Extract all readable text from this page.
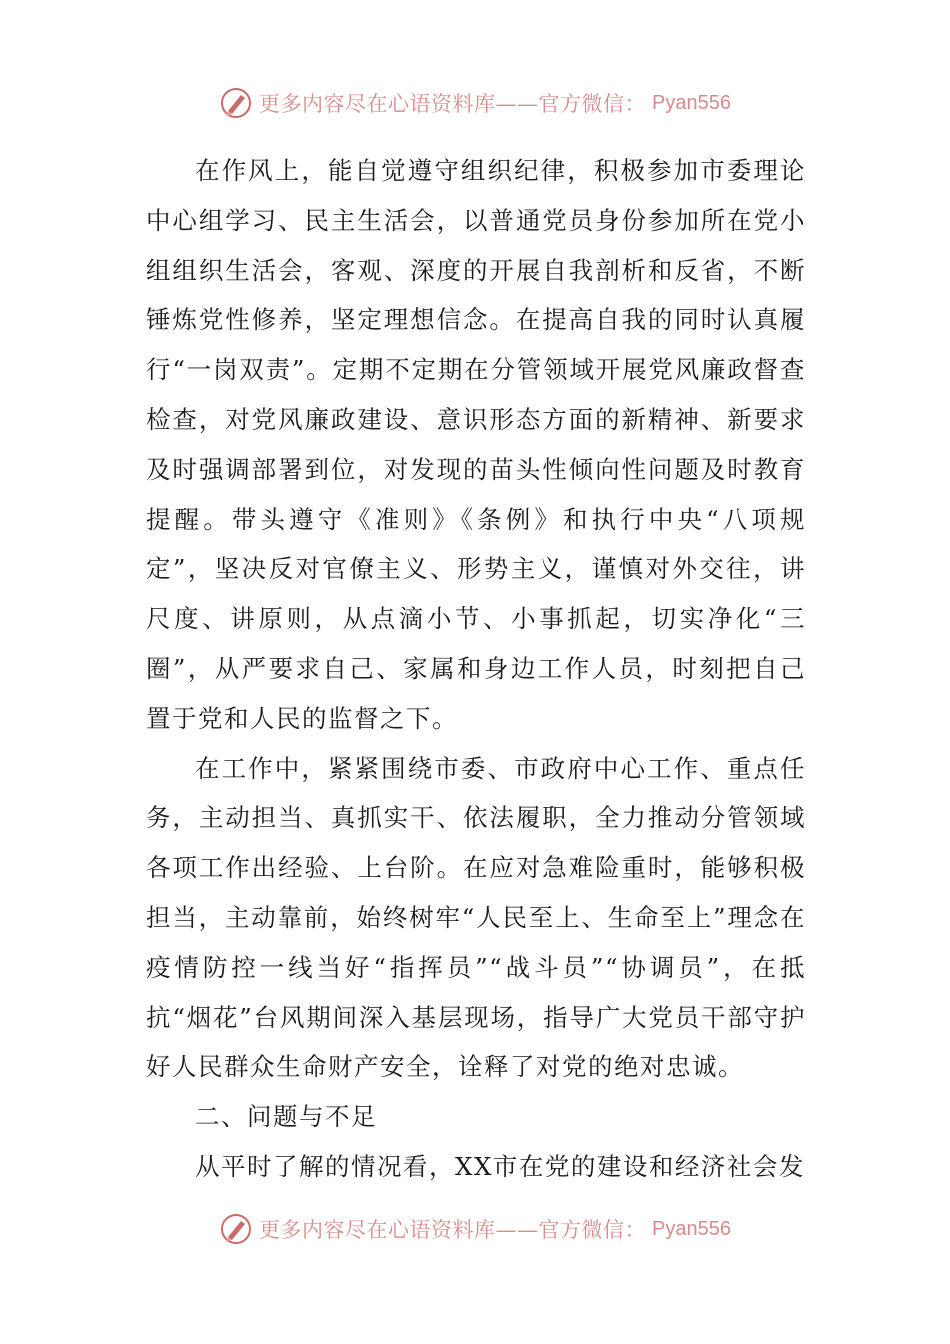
更多内容尽在心语资料库——官方微信： Pyan556

在作风上，能自觉遵守组织纪律，积极参加市委理论中心组学习、民主生活会，以普通党员身份参加所在党小组组织生活会，客观、深度的开展自我剖析和反省，不断锤炼党性修养，坚定理想信念。在提高自我的同时认真履行“一岗双责”。定期不定期在分管领域开展党风廉政督查检查，对党风廉政建设、意识形态方面的新精神、新要求及时强调部署到位，对发现的苗头性倾向性问题及时教育提醒。带头遵守《准则》《条例》和执行中央“八项规定”，坚决反对官僚主义、形势主义，谨慎对外交往，讲尺度、讲原则，从点滴小节、小事抓起，切实净化“三圈”，从严要求自己、家属和身边工作人员，时刻把自己置于党和人民的监督之下。

在工作中，紧紧围绕市委、市政府中心工作、重点任务，主动担当、真抓实干、依法履职，全力推动分管领域各项工作出经验、上台阶。在应对急难险重时，能够积极担当，主动靠前，始终树牢“人民至上、生命至上”理念在疫情防控一线当好“指挥员”“战斗员”“协调员”，在抵抗“烟花”台风期间深入基层现场，指导广大党员干部守护好人民群众生命财产安全，诠释了对党的绝对忠诚。

二、问题与不足

从平时了解的情况看，XX市在党的建设和经济社会发

更多内容尽在心语资料库——官方微信： Pyan556
